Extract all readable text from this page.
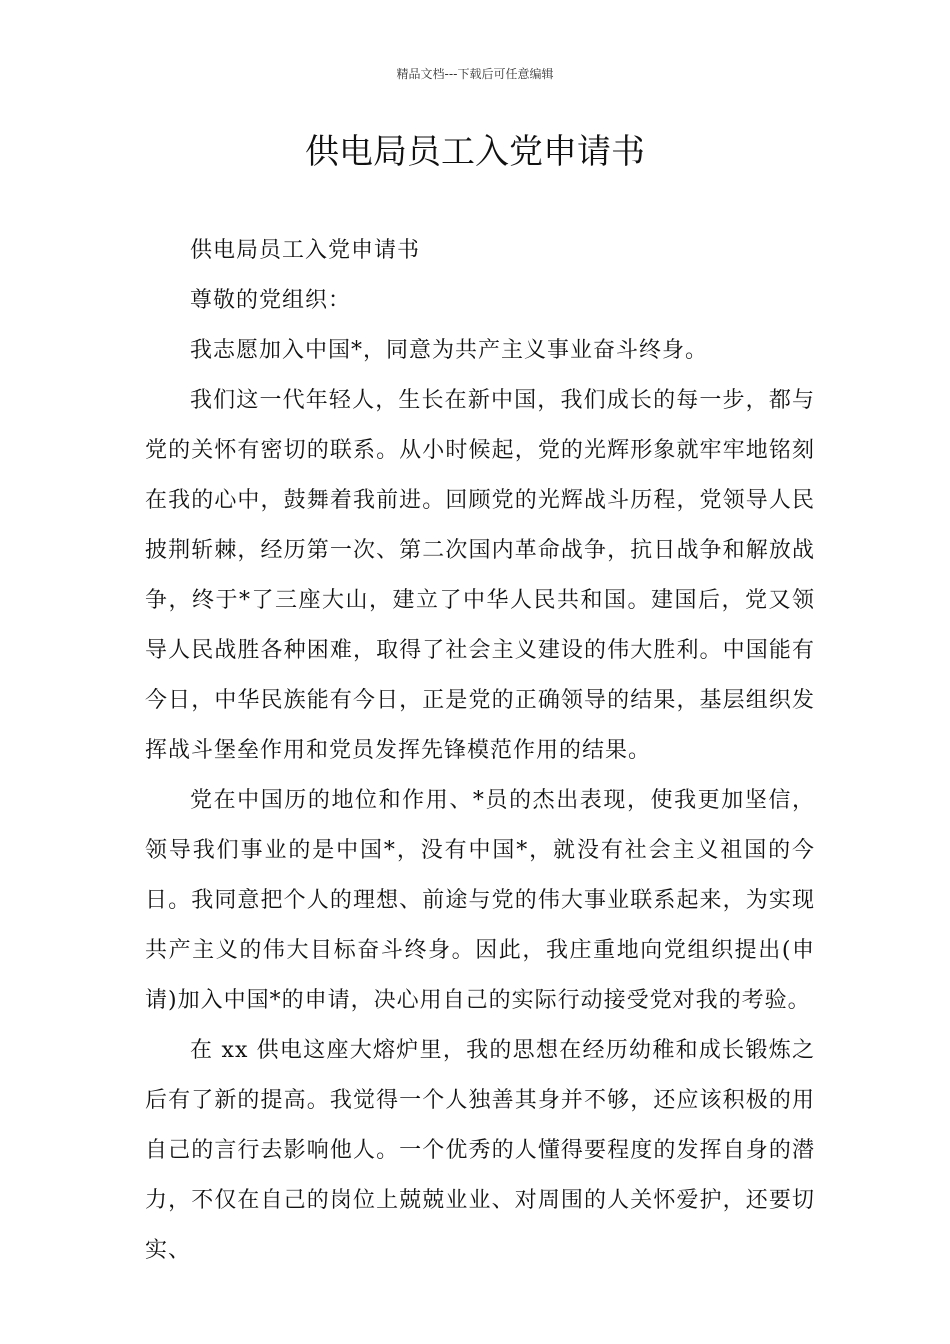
精品文档---下载后可任意编辑
供电局员工入党申请书

供电局员工入党申请书

尊敬的党组织：

我志愿加入中国*，同意为共产主义事业奋斗终身。

我们这一代年轻人，生长在新中国，我们成长的每一步，都与党的关怀有密切的联系。从小时候起，党的光辉形象就牢牢地铭刻在我的心中，鼓舞着我前进。回顾党的光辉战斗历程，党领导人民披荆斩棘，经历第一次、第二次国内革命战争，抗日战争和解放战争，终于*了三座大山，建立了中华人民共和国。建国后，党又领导人民战胜各种困难，取得了社会主义建设的伟大胜利。中国能有今日，中华民族能有今日，正是党的正确领导的结果，基层组织发挥战斗堡垒作用和党员发挥先锋模范作用的结果。

党在中国历的地位和作用、*员的杰出表现，使我更加坚信，领导我们事业的是中国*，没有中国*，就没有社会主义祖国的今日。我同意把个人的理想、前途与党的伟大事业联系起来，为实现共产主义的伟大目标奋斗终身。因此，我庄重地向党组织提出(申请)加入中国*的申请，决心用自己的实际行动接受党对我的考验。

在 xx 供电这座大熔炉里，我的思想在经历幼稚和成长锻炼之后有了新的提高。我觉得一个人独善其身并不够，还应该积极的用自己的言行去影响他人。一个优秀的人懂得要程度的发挥自身的潜力，不仅在自己的岗位上兢兢业业、对周围的人关怀爱护，还要切实、
